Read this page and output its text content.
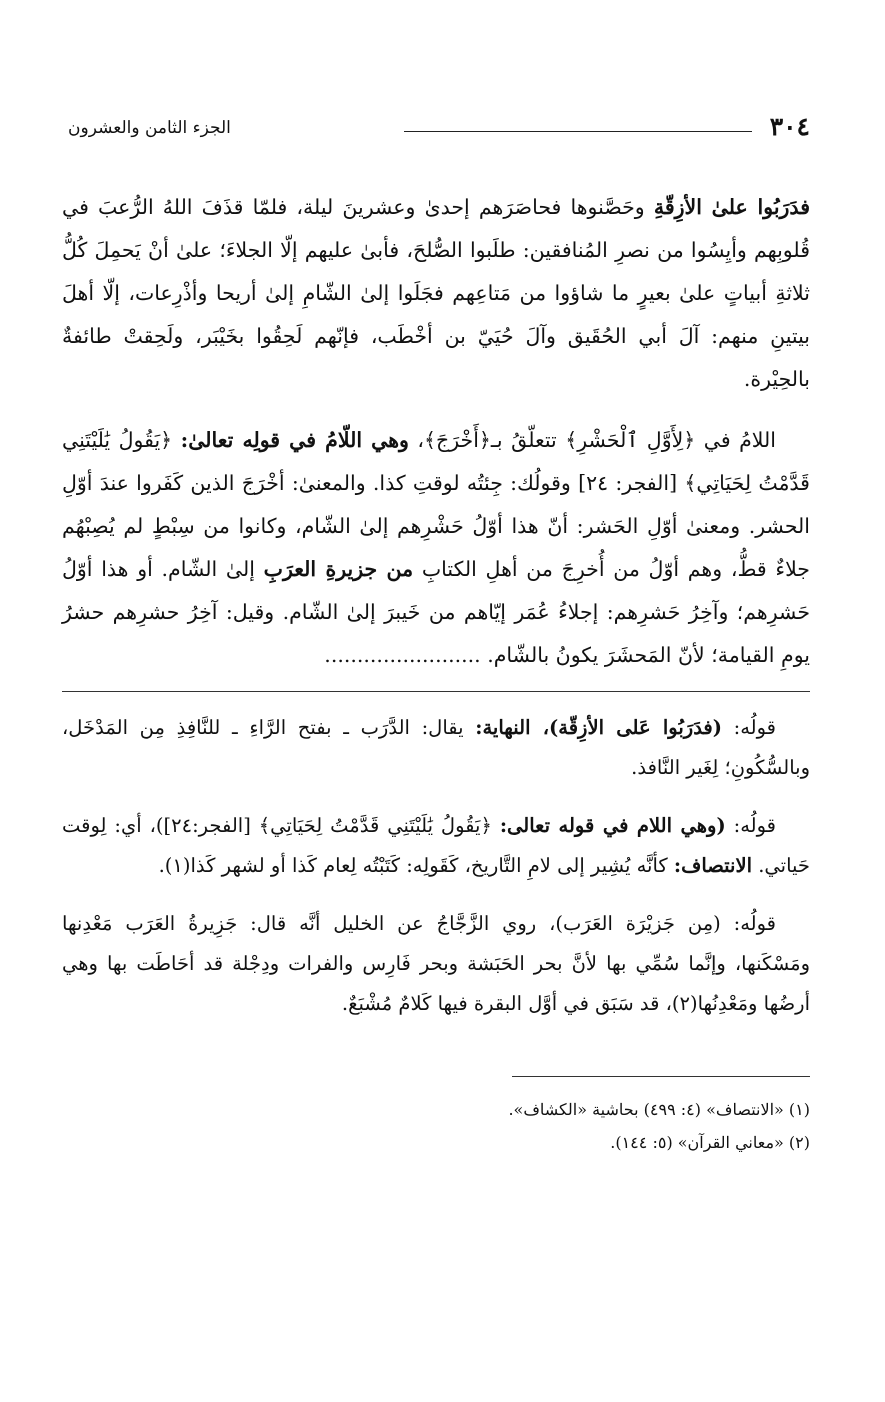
٣٠٤
الجزء الثامن والعشرون

فدَرَبُوا علىٰ الأزِقّةِ وحَصَّنوها فحاصَرَهم إحدىٰ وعشرينَ ليلة، فلمّا قذَفَ اللهُ الرُّعبَ في قُلوبِهم وأيِسُوا من نصرِ المُنافقين: طلَبوا الصُّلحَ، فأبىٰ عليهم إلّا الجلاءَ؛ علىٰ أنْ يَحمِلَ كُلُّ ثلاثةِ أبياتٍ علىٰ بعيرٍ ما شاؤوا من مَتاعِهم فجَلَوا إلىٰ الشّامِ إلىٰ أريحا وأذْرِعات، إلّا أهلَ بيتينِ منهم: آلَ أبي الحُقَيق وآلَ حُيَيّ بن أخْطَب، فإنّهم لَحِقُوا بخَيْبَر، ولَحِقتْ طائفةٌ بالحِيْرة.

اللامُ في ﴿لِأَوَّلِ ٱلْحَشْرِ﴾ تتعلّقُ بـ﴿أَخْرَجَ﴾، وهي اللّامُ في قولِه تعالىٰ: ﴿يَقُولُ يَٰلَيْتَنِي قَدَّمْتُ لِحَيَاتِي﴾ [الفجر: ٢٤] وقولُك: جِئتُه لوقتِ كذا. والمعنىٰ: أخْرَجَ الذين كَفَروا عندَ أوّلِ الحشر. ومعنىٰ أوّلِ الحَشر: أنّ هذا أوّلُ حَشْرِهم إلىٰ الشّام، وكانوا من سِبْطٍ لم يُصِبْهُم جلاءٌ قطُّ، وهم أوّلُ من أُخرِجَ من أهلِ الكتابِ من جزيرةِ العرَبِ إلىٰ الشّام. أو هذا أوّلُ حَشرِهم؛ وآخِرُ حَشرِهم: إجلاءُ عُمَر إيّاهم من خَيبرَ إلىٰ الشّام. وقيل: آخِرُ حشرِهم حشرُ يومِ القيامة؛ لأنّ المَحشَرَ يكونُ بالشّام. ........................

قولُه: (فدَرَبُوا عَلى الأزِقّة)، النهاية: يقال: الدَّرَب ـ بفتح الرَّاءِ ـ للنَّافِذِ مِن المَدْخَل، وبالسُّكُونِ؛ لِغَير النَّافذ.

قولُه: (وهي اللام في قوله تعالى: ﴿يَقُولُ يَٰلَيْتَنِي قَدَّمْتُ لِحَيَاتِي﴾ [الفجر:٢٤])، أي: لِوقت حَياتي. الانتصاف: كأنَّه يُشِير إلى لامِ التَّاريخ، كَقَولِه: كَتَبْتُه لِعام كَذا أو لشهر كَذا(١).

قولُه: (مِن جَزيْرَة العَرَب)، روي الزَّجَّاجُ عن الخليل أنَّه قال: جَزِيرةُ العَرَب مَعْدِنها ومَسْكَنها، وإنَّما سُمِّي بها لأنَّ بحر الحَبَشة وبحر فَارِس والفرات ودِجْلة قد أحَاطَت بها وهي أرضُها ومَعْدِنُها(٢)، قد سَبَق في أوَّل البقرة فيها كَلامٌ مُشْبَعٌ.

(١) «الانتصاف» (٤: ٤٩٩) بحاشية «الكشاف».

(٢) «معاني القرآن» (٥: ١٤٤).
